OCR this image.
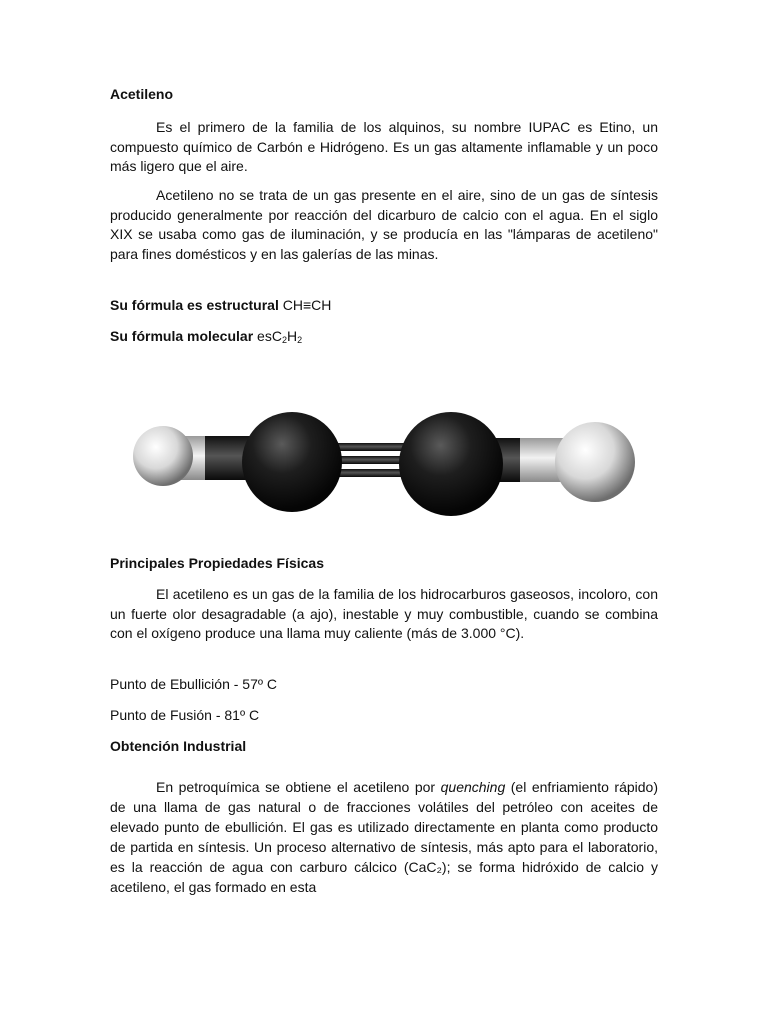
Acetileno

Es el primero de la familia de los alquinos, su nombre IUPAC es Etino, un compuesto químico de Carbón e Hidrógeno. Es un gas altamente inflamable y un poco más ligero que el aire.

Acetileno no se trata de un gas presente en el aire, sino de un gas de síntesis producido generalmente por reacción del dicarburo de calcio con el agua. En el siglo XIX se usaba como gas de iluminación, y se producía en las "lámparas de acetileno" para fines domésticos y en las galerías de las minas.

Su fórmula es estructural CH≡CH

Su fórmula molecular $esC_2H_2$

Principales Propiedades Físicas

El acetileno es un gas de la familia de los hidrocarburos gaseosos, incoloro, con un fuerte olor desagradable (a ajo), inestable y muy combustible, cuando se combina con el oxígeno produce una llama muy caliente (más de 3.000 °C).

Punto de Ebullición - 57º C

Punto de Fusión - 81º C

Obtención Industrial

En petroquímica se obtiene el acetileno por quenching (el enfriamiento rápido) de una llama de gas natural o de fracciones volátiles del petróleo con aceites de elevado punto de ebullición. El gas es utilizado directamente en planta como producto de partida en síntesis. Un proceso alternativo de síntesis, más apto para el laboratorio, es la reacción de agua con carburo cálcico (CaC₂); se forma hidróxido de calcio y acetileno, el gas formado en esta
